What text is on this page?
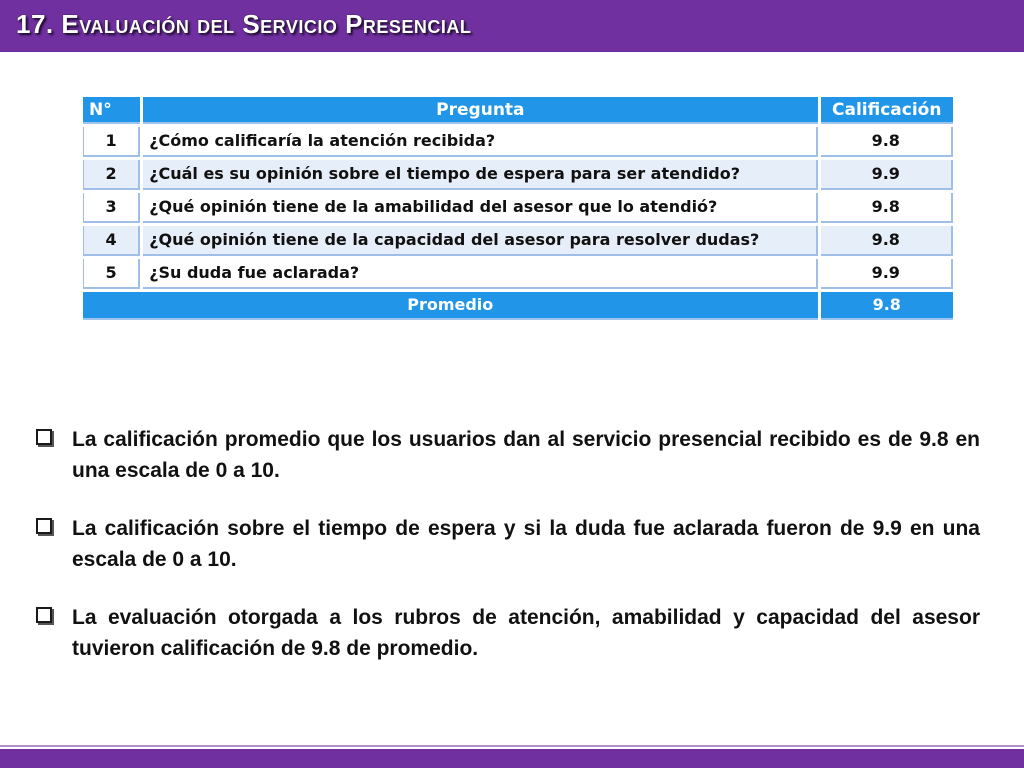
17. Evaluación del Servicio Presencial
N°	Pregunta	Calificación
1	¿Cómo calificaría la atención recibida?	9.8
2	¿Cuál es su opinión sobre el tiempo de espera para ser atendido?	9.9
3	¿Qué opinión tiene de la amabilidad del asesor que lo atendió?	9.8
4	¿Qué opinión tiene de la capacidad del asesor para resolver dudas?	9.8
5	¿Su duda fue aclarada?	9.9
Promedio		9.8
La calificación promedio que los usuarios dan al servicio presencial recibido es de 9.8 en una escala de 0 a 10.
La calificación sobre el tiempo de espera y si la duda fue aclarada fueron de 9.9 en una escala de 0 a 10.
La evaluación otorgada a los rubros de atención, amabilidad y capacidad del asesor tuvieron calificación de 9.8 de promedio.
